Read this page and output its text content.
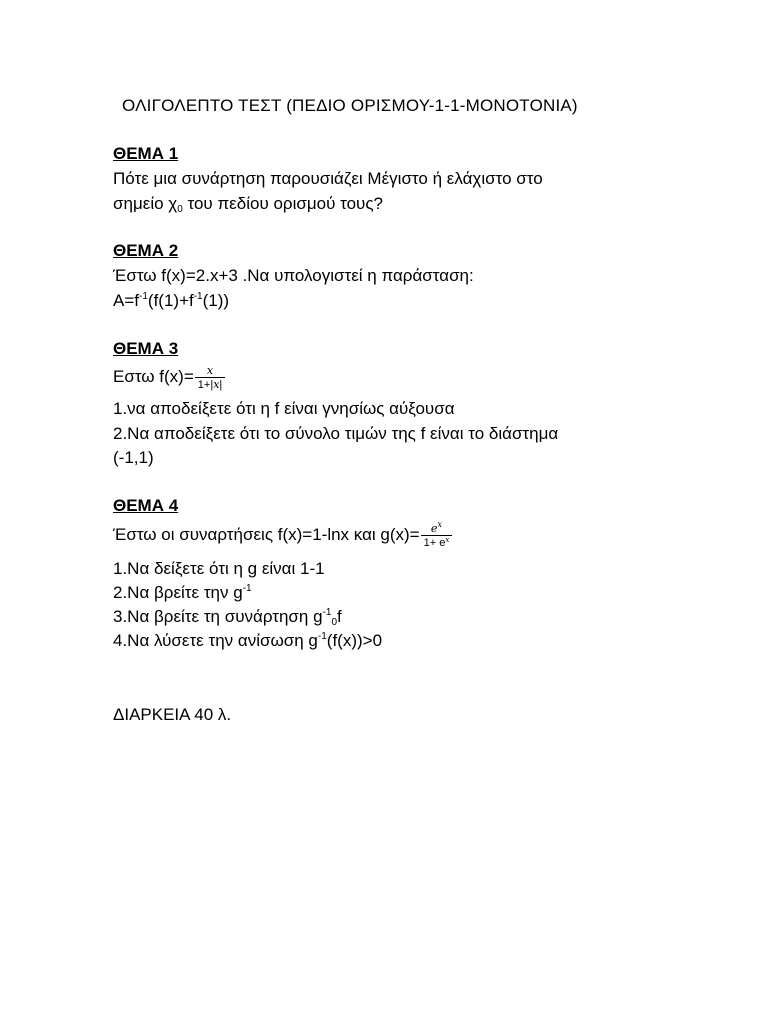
ΟΛΙΓΟΛΕΠΤΟ ΤΕΣΤ (ΠΕΔΙΟ ΟΡΙΣΜΟΥ-1-1-ΜΟΝΟΤΟΝΙΑ)
ΘΕΜΑ 1
Πότε μια συνάρτηση παρουσιάζει Μέγιστο ή ελάχιστο στο
σημείο $\chi_0$ του πεδίου ορισμού τους?
ΘΕΜΑ 2
Έστω f(x)=2.x+3 .Να υπολογιστεί η παράσταση:
$A=f^{-1}(f(1)+f^{-1}(1))$
ΘΕΜΑ 3
Εστω $f(x)= \frac{x}{1+|x|}$
1.να αποδείξετε ότι η f είναι γνησίως αύξουσα
2.Να αποδείξετε ότι το σύνολο τιμών της f είναι το διάστημα
(-1,1)
ΘΕΜΑ 4
Έστω οι συναρτήσεις f(x)=1-lnx και $g(x)= \frac{e^x}{1+ e^x}$
1.Να δείξετε ότι η g είναι 1-1
2.Να βρείτε την $g^{-1}$
3.Να βρείτε τη συνάρτηση $g^{-1}_0f$
4.Να λύσετε την ανίσωση $g^{-1}(f(x))>0$
ΔΙΑΡΚΕΙΑ 40 λ.
